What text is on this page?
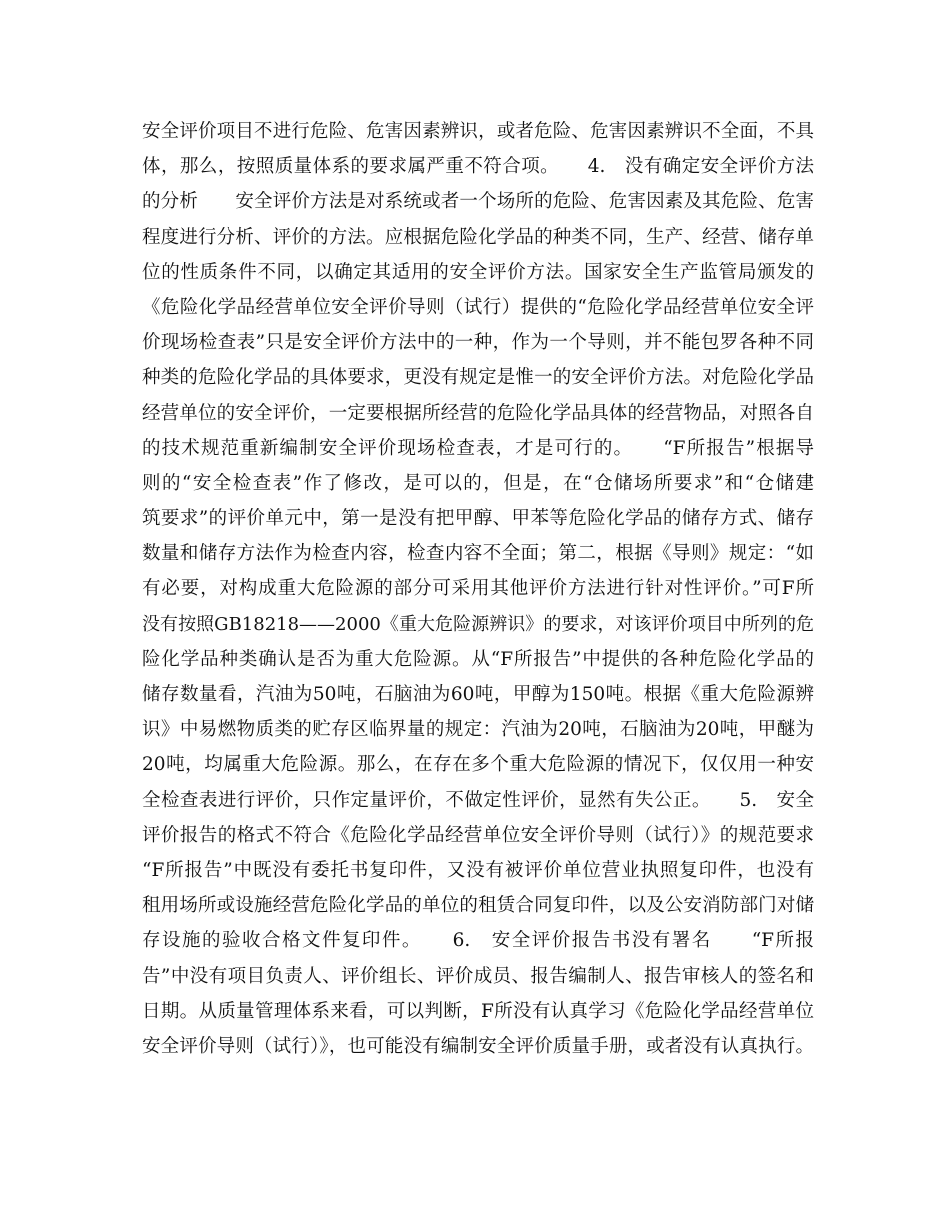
安全评价项目不进行危险、危害因素辨识，或者危险、危害因素辨识不全面，不具
体，那么，按照质量体系的要求属严重不符合项。　　4.　没有确定安全评价方法
的分析　　安全评价方法是对系统或者一个场所的危险、危害因素及其危险、危害
程度进行分析、评价的方法。应根据危险化学品的种类不同，生产、经营、储存单
位的性质条件不同，以确定其适用的安全评价方法。国家安全生产监管局颁发的
《危险化学品经营单位安全评价导则（试行）提供的“危险化学品经营单位安全评
价现场检查表”只是安全评价方法中的一种，作为一个导则，并不能包罗各种不同
种类的危险化学品的具体要求，更没有规定是惟一的安全评价方法。对危险化学品
经营单位的安全评价，一定要根据所经营的危险化学品具体的经营物品，对照各自
的技术规范重新编制安全评价现场检查表，才是可行的。　　“F所报告”根据导
则的“安全检查表”作了修改，是可以的，但是，在“仓储场所要求”和“仓储建
筑要求”的评价单元中，第一是没有把甲醇、甲苯等危险化学品的储存方式、储存
数量和储存方法作为检查内容，检查内容不全面；第二，根据《导则》规定：“如
有必要，对构成重大危险源的部分可采用其他评价方法进行针对性评价。”可F所
没有按照GB18218——2000《重大危险源辨识》的要求，对该评价项目中所列的危
险化学品种类确认是否为重大危险源。从“F所报告”中提供的各种危险化学品的
储存数量看，汽油为50吨，石脑油为60吨，甲醇为150吨。根据《重大危险源辨
识》中易燃物质类的贮存区临界量的规定：汽油为20吨，石脑油为20吨，甲醚为
20吨，均属重大危险源。那么，在存在多个重大危险源的情况下，仅仅用一种安
全检查表进行评价，只作定量评价，不做定性评价，显然有失公正。　　5.　安全
评价报告的格式不符合《危险化学品经营单位安全评价导则（试行）》的规范要求
“F所报告”中既没有委托书复印件，又没有被评价单位营业执照复印件，也没有
租用场所或设施经营危险化学品的单位的租赁合同复印件，以及公安消防部门对储
存设施的验收合格文件复印件。　　6.　安全评价报告书没有署名　　“F所报
告”中没有项目负责人、评价组长、评价成员、报告编制人、报告审核人的签名和
日期。从质量管理体系来看，可以判断，F所没有认真学习《危险化学品经营单位
安全评价导则（试行）》，也可能没有编制安全评价质量手册，或者没有认真执行。
